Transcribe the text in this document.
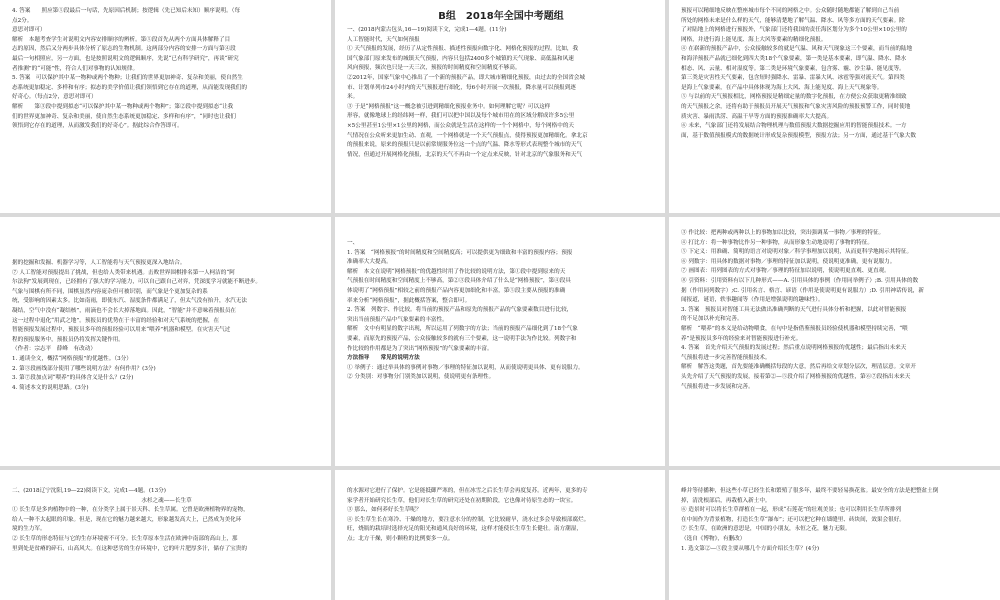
4. 答案　　照应第⑤段最后一句话，先原因后机制；按逻辑（先已知后未知）顺序说明。（每
点2分。
意思对即可）
解析　本题考查学生对说明文内容安排顺序的辨析。第⑤段首先从两个方面具体解释了目
志的原因，然后又分两步具体分析了原志的生物机制。这两部分内容的安排一方面与第④段
最后一句相照应，另一方面，也是按照说明文的逻辑顺序，先说“已有科学研究”，再谈“研究
者推测”的“可能”性，符合人们对事物的认知规律。
5. 答案　可以保护其中某一物种或两个物种；让我们的世界更加神奇、复杂和美丽，使自然生
态系统更加稳定、多样和有序；拟态的美学价值让我们领悟到它存在的道理，从而能发现我们的
好奇心。（每点2分，意思对即可）
解析　　第③段中提到拟态“可以保护其中某一物种或两个物种”；第②段中提到拟态“让我
们的世界更加神奇、复杂和美丽，使自然生态系统更加稳定、多样和有序”，“同时也让我们
领悟到它存在的道理，从而激发我们的好奇心”。据此综合作答即可。
B组　2018年全国中考题组
一、(2018内蒙古包头,16—19)阅读下文，完成1—4题。(11分)
人工智能时代，天气如何预报
① 天气预报的发展，经历了从定性预报、描述性预报向数字化、网格化预报的过程。比如，我
国气象部门原来发布的城镇天气预报，内容只包括2400多个城镇的天气现象、高低温和风速
风向预报，频次也只是一天三次，预报的时间精度和空间精度不够高。
②2012年，国家气象中心推出了一个新的预报产品，即大城市精细化预报，由过去的全国省会城
市、计划单列市24小时内的天气预报进行细化，每6小时开展一次预报，降水量可以预报到逐
米。
③ 于是“网格预报”这一概念被引进到精细化预报业务中。如何理解它呢？可以这样
形容，就像地球上的经纬网一样，我们可以把中国以及每个城市用在的区域分解成许多5公里
×5公里甚至1公里×1公里的网格，而公众就是生活在这样的一个个网格中，每个网格中的天
气情况在公众听来更加生动、直观，一个网格就是一个天气预报点，使得预报更加精细化。拿北京
的预报来说，原来的预报只是以前常规服务位这一个点的气温、降水等形式表现整个城市的天气
情况，但通过开展网格化预报，北京的天气不再由一个定点来反映，针对北京的气象服务和天气
预报可以精细地反映在整座城市每个不同的网格之中。公众随时随地都能了解到自己当前
所处的网格未来是什么样的天气，能够清楚地了解气温、降水、风等多方面的天气要素。除
了对陆地上的网格进行预报外，气象部门还将我国的责任海区划分为多个10公里×10公里的
网格，并进行海上能见度、海上大风等要素的精细化预报。
④ 在崭新的预报产品中，公众接触较多的就是气温、风和天气现象这三个要素，而当前的陆地
和海洋预报产品就已细化到四大类18个气象要素，第一类是基本要素，即气温、降水、降水
相态、风、云量、相对湿度等。第二类是环境气象要素，包含雾、霾、沙尘暴、能见度等。
第三类是灾害性天气要素，包含短时强降水、雷暴、雷暴大风、冰雹等强对流天气。第四类
是海上气象要素，在产品中具体体现为海上大风、海上能见度、海上天气现象等。
⑤ 与以前的天气预报相比，网格预报是精细定量的数字化预报，在方便公众获取更精准细致
的天气预报之余，还将有助于预报员开展天气预报和气象灾害风险的预报预警工作，同时使地
质灾害、暴雨洪涝、高温干旱等方面的预报准确率大大提高。
⑥ 未来，气象部门还将发展结合物理机理与数值预报大数据挖掘应用的智能预报技术。一方
面，基于数值预报模式的数据统计形成复杂预报模型，预报方法；另一方面，通过基于气象大数
据的挖掘和发掘、机器学习等，人工智能将与天气预报更深入地结合。
⑦ 人工智能对预报提出了挑战，但也给人类带来机遇。击败世界围棋排名第一人柯洁的“阿
尔法狗”发展到现在，已经拥有了强大的学习能力，可以自己跟自己对弈，凭深度学习就能不断进步。
气象与围棋有所不同，围棋虽然内容庞杂但可被识别，而气象是个更加复杂的系
统，受影响的因素太多。比如南雨，即使东汽、湿度条件都满足了，但太气没有抬升，水汽无法
凝结，空气中没有“凝结核”，雨滴也不会长大掉落地面。因此，“智能”并不意味着预报员在
这一过程中退化“用武之地”。预报员的优势在于丰富的经验和对天气系统的把握，在
智能预报发展过程中，预报员多年的预报经验可以用来“喂养”机器和模型。在灾害天气过
程的预报服务中，预报员仍将发挥关键作用。
（作者：宗志平　薛峰　有改动）
1. 通读全文，概括“网格预报”的优越性。（3分）
2. 第③段画线部分使用了哪些说明方法？有何作用？(3分)
3. 第⑦段加点词“喂养”的具体含义是什么？(2分)
4. 简述本文的说明思路。(3分)
一、
1. 答案　“网格预报”的时间精度和空间精度高；可以提供更为细致和丰富的预报内容；预报
准确率大大提高。
解析　本文在说明“网格预报”的优越性时用了作比较的说明方法，第①段中提到原来的天
气预报在时间精度和空间精度上不够高，第②③段具体介绍了什么是“网格预报”，第④段具
体说明了“网格预报”相较之前的预报产品内容更加细化和丰富，第⑤段主要从预报的准确
率来分析“网格预报”，据此概括答案，整合即可。
2. 答案　列数字、作比较。将当前的预报产品和原先的预报产品的气象要素数目进行比较，
突出当前预报产品中气象要素的丰富性。
解析　文中有明显的数字出现，所以运用了列数字的方法；当前的预报产品细化到了18个气象
要素，而原先的预报产品，公众接触较多的就有三个要素，这一说明手法为作比较。列数字和
作比较的作用都是为了突出“网格预报”的气象要素的丰富。
方法指导　　常见的说明方法
① 举例子：通过举具体的事例对事物／事理的特征加以说明，从而使说明更具体、更有说服力。
② 分类别：对事物分门别类加以说明，使说明更有条理性。
③ 作比较：把两种或两种以上的事物加以比较，突出强调某一事物／事理的特征。
④ 打比方：将一种事物比作另一种事物，从而形象生动地说明了事物的特征。
⑤ 下定义：用准确、简明的语言对说明对象／科学事理加以说明，从而更科学地揭示其特征。
⑥ 列数字：用具体的数据对事物／事理的特征加以说明，使说明更准确，更有说服力。
⑦ 画图表：用列图表的方式对事物／事理的特征加以说明，使说明更直观、更直观。
⑧ 引资料：引用资料有以下几种形式——A. 引用具体的事例（作用同举例子）;B. 引用具体的数
据（作用同列数字）;C. 引用名言、格言、谚语（作用是使说明更有说服力）;D. 引用神话传说，新
闻报道，谜语，轶事趣闻等（作用是增强说明的趣味性）。
3. 答案　预报员对智能工具无法做出准确判断的天气进行具体分析和把握，以此对智能预报
的不足加以补充和完善。
解析　“喂养”的本义是给动物喂食，在句中是指借鉴预报员经验使机器和模型持续完善，“喂
养”是预报员多年的经验来对智能预报进行补充。
4. 答案　首先介绍天气预报的发展过程；然后重点说明网格预报的优越性；最后指出未来天
气预报将进一步完善智能预报技术。
解析　解答这类题，首先要能准确概括每段的大意，然后再给文章划分层次，理清层意。文章开
头先介绍了天气预报的发展，接着第②—⑤段介绍了网格预报的优越性，第⑥⑦段指出未来天
气预报将进一步发展和完善。
二、(2018辽宁沈阳,19—22)阅读下文，完成1—4题。(13分)
水杉之魂——长生草
① 长生草是多肉植物中的一种，在分类学上属于景天科、长生草属。它曾是欧洲植物界的宠物，
给人一种不太起眼的印象。但是，现在它的魅力越来越大，形象越发高大上，已然成为美化环
境的生力军。
② 长生草的形态特征与它的生存环境密不可分。长生草原本生活在欧洲中南部的高山上，那
里到处是贫瘠的碎石，山高风大。在这种恶劣的生存环境中，它的叶片肥厚多汁，储存了宝贵的
的水源对它进行了保护。它是能抵御严寒的，但在冰雪之后长生草会再度复苏。近两年，更多的专
家学者开始研究长生草，他们对长生草的研究还处在初期阶段，它也像对待原生态的一块宝。
③ 那么，如何养好长生草呢？
④ 长生草生长在寒冷、干燥的地方，要注意水分的控制，它比较耐旱，浇水过多会导致根部腐烂。
旺，烧瓶的栽培时选择充足的阳光和通风良好的环境，这样才能使长生草生长健壮。南方潮湿，
点；北方干燥，则小颗粒的比例要多一点。
峰并等待播种，但这些小草已经生长和繁殖了很多年，最终不要轻易换花盆。最安全的方法是把整盆土倒
掉，清洗根部后，再栽植入新土中。
⑥ 造景时可以将长生草群植在一起，形成“石莲花”的壮观美景；也可以利用长生草所排列
在中间作为背景植物，打造长生草“瀑布”；还可以把它种在墙缝里、砖块间，效果会很好。
⑦ 长生草，在欧洲的意思是，中国的小朋友，永恒之花，魅力无限。
（选自《博物》，有删改）
1. 选文第②—⑤段主要从哪几个方面介绍长生草？(4分)
